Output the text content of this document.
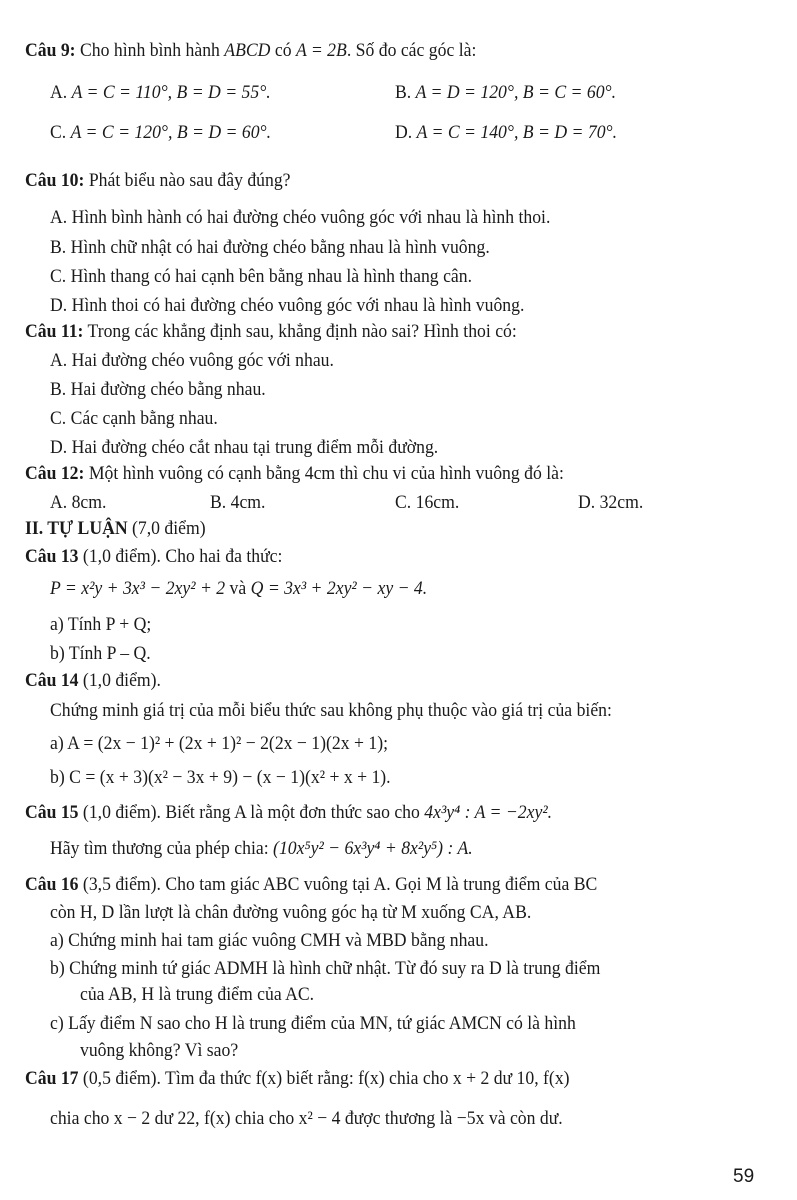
Câu 9: Cho hình bình hành ABCD có A = 2B. Số đo các góc là:
A. A = C = 110°, B = D = 55°.	B. A = D = 120°, B = C = 60°.
C. A = C = 120°, B = D = 60°.	D. A = C = 140°, B = D = 70°.
Câu 10: Phát biểu nào sau đây đúng?
A. Hình bình hành có hai đường chéo vuông góc với nhau là hình thoi.
B. Hình chữ nhật có hai đường chéo bằng nhau là hình vuông.
C. Hình thang có hai cạnh bên bằng nhau là hình thang cân.
D. Hình thoi có hai đường chéo vuông góc với nhau là hình vuông.
Câu 11: Trong các khẳng định sau, khẳng định nào sai? Hình thoi có:
A. Hai đường chéo vuông góc với nhau.
B. Hai đường chéo bằng nhau.
C. Các cạnh bằng nhau.
D. Hai đường chéo cắt nhau tại trung điểm mỗi đường.
Câu 12: Một hình vuông có cạnh bằng 4cm thì chu vi của hình vuông đó là:
A. 8cm.	B. 4cm.	C. 16cm.	D. 32cm.
II. TỰ LUẬN (7,0 điểm)
Câu 13 (1,0 điểm). Cho hai đa thức:
P = x²y + 3x³ − 2xy² + 2 và Q = 3x³ + 2xy² − xy − 4.
a) Tính P + Q;
b) Tính P – Q.
Câu 14 (1,0 điểm).
Chứng minh giá trị của mỗi biểu thức sau không phụ thuộc vào giá trị của biến:
a) A = (2x − 1)² + (2x + 1)² − 2(2x − 1)(2x + 1);
b) C = (x + 3)(x² − 3x + 9) − (x − 1)(x² + x + 1).
Câu 15 (1,0 điểm). Biết rằng A là một đơn thức sao cho 4x³y⁴ : A = −2xy².
Hãy tìm thương của phép chia: (10x⁵y² − 6x³y⁴ + 8x²y⁵) : A.
Câu 16 (3,5 điểm). Cho tam giác ABC vuông tại A. Gọi M là trung điểm của BC
còn H, D lần lượt là chân đường vuông góc hạ từ M xuống CA, AB.
a) Chứng minh hai tam giác vuông CMH và MBD bằng nhau.
b) Chứng minh tứ giác ADMH là hình chữ nhật. Từ đó suy ra D là trung điểm
của AB, H là trung điểm của AC.
c) Lấy điểm N sao cho H là trung điểm của MN, tứ giác AMCN có là hình
vuông không? Vì sao?
Câu 17 (0,5 điểm). Tìm đa thức f(x) biết rằng: f(x) chia cho x + 2 dư 10, f(x)
chia cho x − 2 dư 22, f(x) chia cho x² − 4 được thương là −5x và còn dư.
59
